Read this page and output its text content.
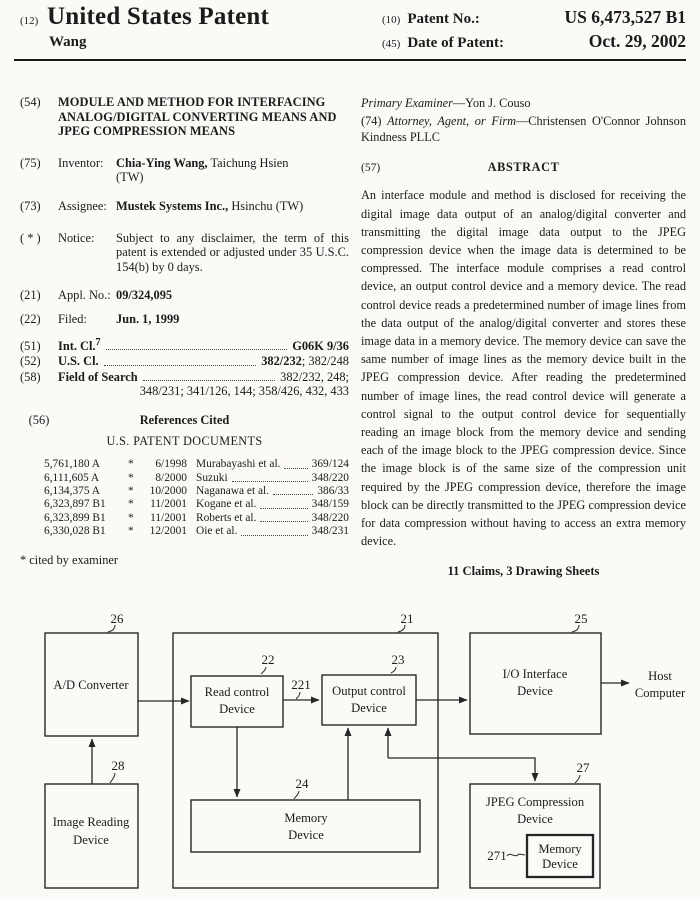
(12) United States Patent
Wang
(10) Patent No.:	US 6,473,527 B1
(45) Date of Patent:	Oct. 29, 2002
(54)	MODULE AND METHOD FOR INTERFACING ANALOG/DIGITAL CONVERTING MEANS AND JPEG COMPRESSION MEANS
(75)	Inventor:	Chia-Ying Wang, Taichung Hsien
(TW)
(73)	Assignee: Mustek Systems Inc., Hsinchu (TW)
( * )	Notice:	Subject to any disclaimer, the term of this patent is extended or adjusted under 35 U.S.C. 154(b) by 0 days.
(21)	Appl. No.: 09/324,095
(22)	Filed:	Jun. 1, 1999
(51)	Int. Cl.$^7$	G06K 9/36
(52)	U.S. Cl.	382/232; 382/248
(58)	Field of Search	382/232, 248;
348/231; 341/126, 144; 358/426, 432, 433
(56)	References Cited
U.S. PATENT DOCUMENTS
5,761,180 A	*	6/1998 Murabayashi et al.	369/124
6,111,605 A	*	8/2000 Suzuki	348/220
6,134,375 A	*	10/2000 Naganawa et al.	386/33
6,323,897 B1	*	11/2001 Kogane et al.	348/159
6,323,899 B1	*	11/2001 Roberts et al.	348/220
6,330,028 B1	*	12/2001 Oie et al.	348/231
* cited by examiner

Primary Examiner—Yon J. Couso

(74) Attorney, Agent, or Firm—Christensen O'Connor Johnson Kindness PLLC

(57)	ABSTRACT

An interface module and method is disclosed for receiving the digital image data output of an analog/digital converter and transmitting the digital image data output to the JPEG compression device when the image data is determined to be compressed. The interface module comprises a read control device, an output control device and a memory device. The read control device reads a predetermined number of image lines from the data output of the analog/digital converter and stores these image data in a memory device. The memory device can save the same number of image lines as the memory device built in the JPEG compression device. After reading the predetermined number of image lines, the read control device will generate a control signal to the output control device for sequentially reading an image block from the memory device and sending each of the image block to the JPEG compression device. Since the image block is of the same size of the compression unit required by the JPEG compression device, therefore the image block can be directly transmitted to the JPEG compression device for data compression without having to access an extra memory device.

11 Claims, 3 Drawing Sheets
26	21	25
22	23
221
24
28	27
271
A/D Converter	Read control
Device
Output control
Device
Memory
Device
I/O Interface
Device
Image Reading
Device
JPEG Compression
Device
Memory
Device
Host
Computer
